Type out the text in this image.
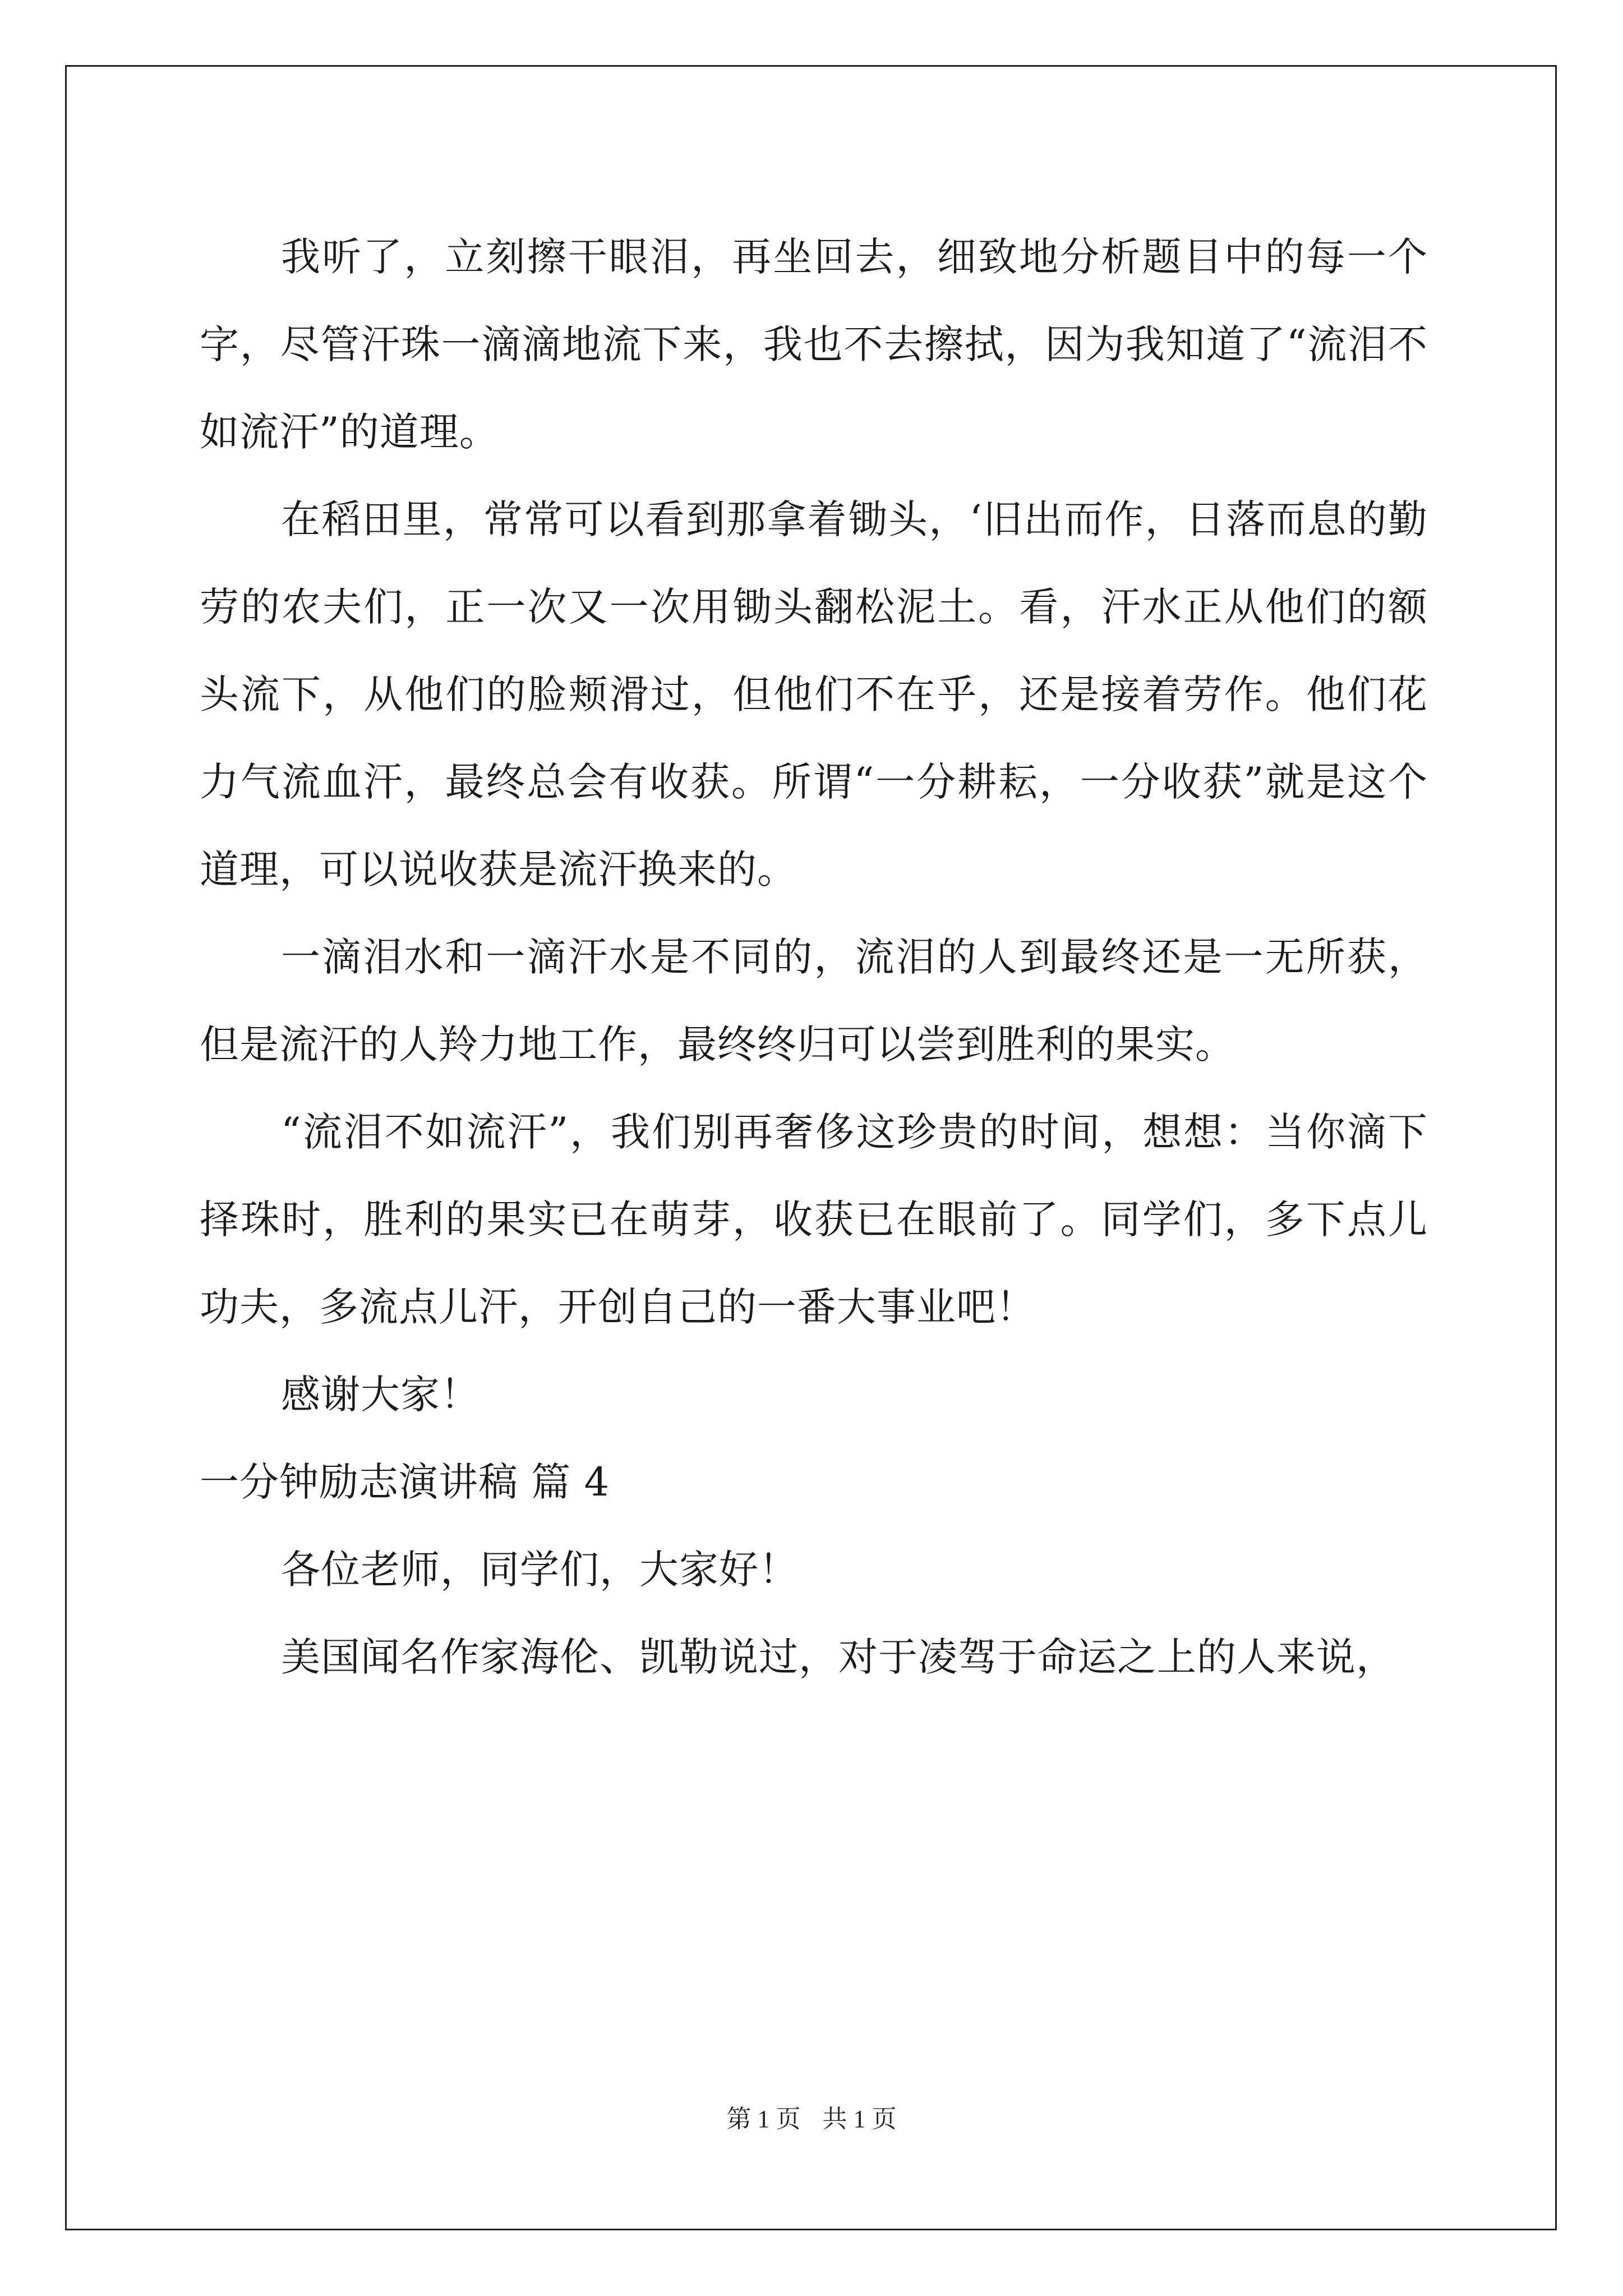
我听了，立刻擦干眼泪，再坐回去，细致地分析题目中的每一个字，尽管汗珠一滴滴地流下来，我也不去擦拭，因为我知道了“流泪不如流汗”的道理。

在稻田里，常常可以看到那拿着锄头，‘旧出而作，日落而息的勤劳的农夫们，正一次又一次用锄头翻松泥土。看，汗水正从他们的额头流下，从他们的脸颊滑过，但他们不在乎，还是接着劳作。他们花力气流血汗，最终总会有收获。所谓“一分耕耘，一分收获”就是这个道理，可以说收获是流汗换来的。

一滴泪水和一滴汗水是不同的，流泪的人到最终还是一无所获，但是流汗的人羚力地工作，最终终归可以尝到胜利的果实。

“流泪不如流汗”，我们别再奢侈这珍贵的时间，想想：当你滴下择珠时，胜利的果实已在萌芽，收获已在眼前了。同学们，多下点儿功夫，多流点儿汗，开创自己的一番大事业吧！

感谢大家！

一分钟励志演讲稿 篇 4

各位老师，同学们，大家好！

美国闻名作家海伦、凯勒说过，对于凌驾于命运之上的人来说，

第 1 页 共 1 页
